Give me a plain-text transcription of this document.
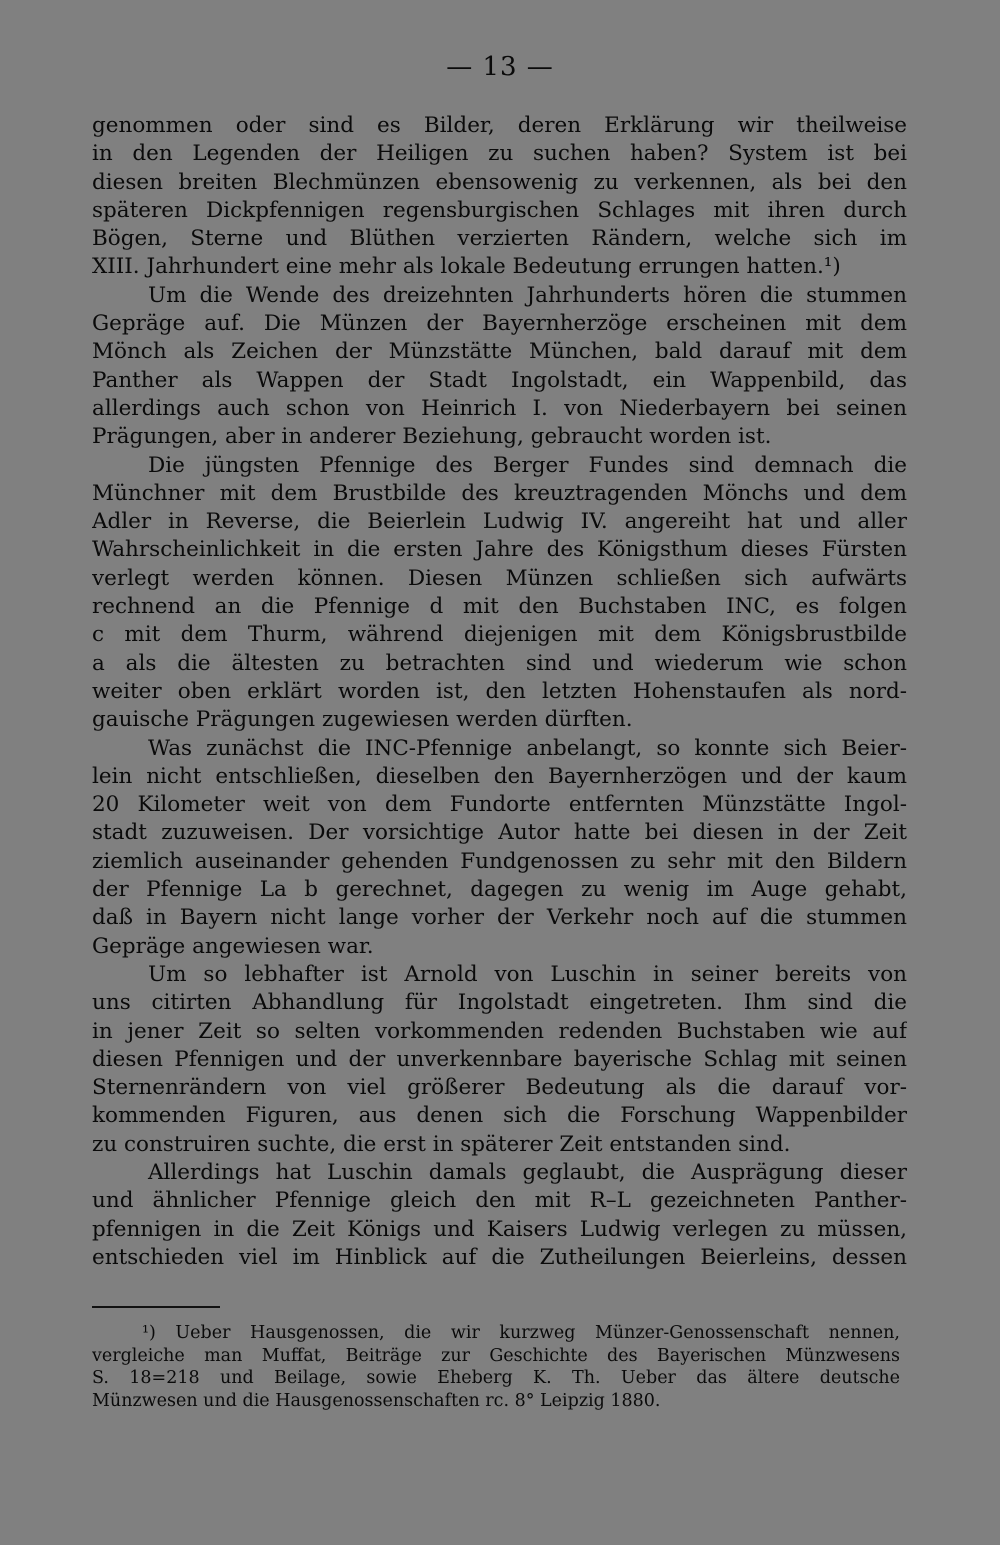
— 13 —
genommen oder sind es Bilder, deren Erklärung wir theilweise
in den Legenden der Heiligen zu suchen haben? System ist bei
diesen breiten Blechmünzen ebensowenig zu verkennen, als bei den
späteren Dickpfennigen regensburgischen Schlages mit ihren durch
Bögen, Sterne und Blüthen verzierten Rändern, welche sich im
XIII. Jahrhundert eine mehr als lokale Bedeutung errungen hatten.¹)
Um die Wende des dreizehnten Jahrhunderts hören die stummen
Gepräge auf. Die Münzen der Bayernherzöge erscheinen mit dem
Mönch als Zeichen der Münzstätte München, bald darauf mit dem
Panther als Wappen der Stadt Ingolstadt, ein Wappenbild, das
allerdings auch schon von Heinrich I. von Niederbayern bei seinen
Prägungen, aber in anderer Beziehung, gebraucht worden ist.
Die jüngsten Pfennige des Berger Fundes sind demnach die
Münchner mit dem Brustbilde des kreuztragenden Mönchs und dem
Adler in Reverse, die Beierlein Ludwig IV. angereiht hat und aller
Wahrscheinlichkeit in die ersten Jahre des Königsthum dieses Fürsten
verlegt werden können. Diesen Münzen schließen sich aufwärts
rechnend an die Pfennige d mit den Buchstaben INC, es folgen
c mit dem Thurm, während diejenigen mit dem Königsbrustbilde
a als die ältesten zu betrachten sind und wiederum wie schon
weiter oben erklärt worden ist, den letzten Hohenstaufen als nord-
gauische Prägungen zugewiesen werden dürften.
Was zunächst die INC-Pfennige anbelangt, so konnte sich Beier-
lein nicht entschließen, dieselben den Bayernherzögen und der kaum
20 Kilometer weit von dem Fundorte entfernten Münzstätte Ingol-
stadt zuzuweisen. Der vorsichtige Autor hatte bei diesen in der Zeit
ziemlich auseinander gehenden Fundgenossen zu sehr mit den Bildern
der Pfennige La b gerechnet, dagegen zu wenig im Auge gehabt,
daß in Bayern nicht lange vorher der Verkehr noch auf die stummen
Gepräge angewiesen war.
Um so lebhafter ist Arnold von Luschin in seiner bereits von
uns citirten Abhandlung für Ingolstadt eingetreten. Ihm sind die
in jener Zeit so selten vorkommenden redenden Buchstaben wie auf
diesen Pfennigen und der unverkennbare bayerische Schlag mit seinen
Sternenrändern von viel größerer Bedeutung als die darauf vor-
kommenden Figuren, aus denen sich die Forschung Wappenbilder
zu construiren suchte, die erst in späterer Zeit entstanden sind.
Allerdings hat Luschin damals geglaubt, die Ausprägung dieser
und ähnlicher Pfennige gleich den mit R–L gezeichneten Panther-
pfennigen in die Zeit Königs und Kaisers Ludwig verlegen zu müssen,
entschieden viel im Hinblick auf die Zutheilungen Beierleins, dessen
¹) Ueber Hausgenossen, die wir kurzweg Münzer-Genossenschaft nennen,
vergleiche man Muffat, Beiträge zur Geschichte des Bayerischen Münzwesens
S. 18=218 und Beilage, sowie Eheberg K. Th. Ueber das ältere deutsche
Münzwesen und die Hausgenossenschaften rc. 8° Leipzig 1880.
